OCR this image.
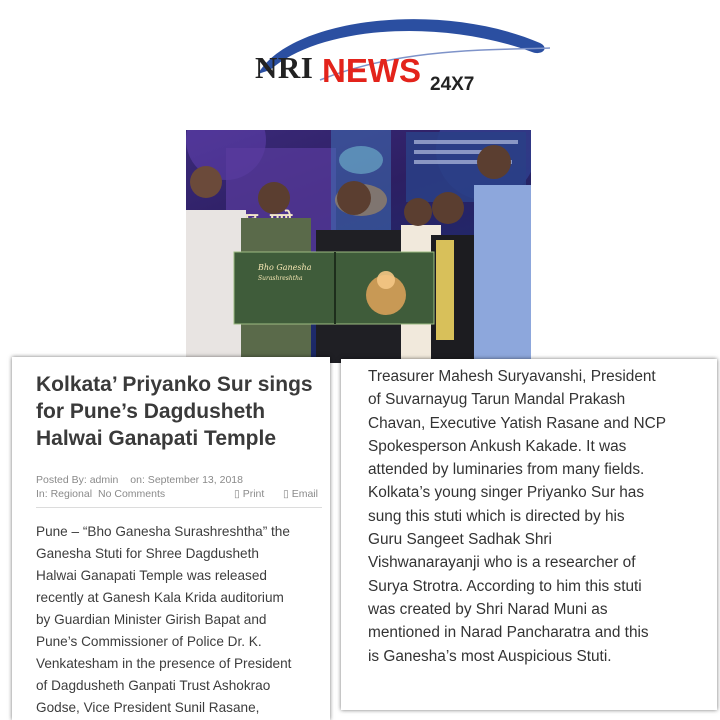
NRI NEWS 24X7
Bho Ganesha
Surashreshtha
Kolkata’ Priyanko Sur sings
for Pune’s Dagdusheth
Halwai Ganapati Temple
Posted By: admin on: September 13, 2018
In: Regional No Comments	▯ Print ▯ Email
Pune – “Bho Ganesha Surashreshtha” the
Ganesha Stuti for Shree Dagdusheth
Halwai Ganapati Temple was released
recently at Ganesh Kala Krida auditorium
by Guardian Minister Girish Bapat and
Pune’s Commissioner of Police Dr. K.
Venkatesham in the presence of President
of Dagdusheth Ganpati Trust Ashokrao
Godse, Vice President Sunil Rasane,
Treasurer Mahesh Suryavanshi, President
of Suvarnayug Tarun Mandal Prakash
Chavan, Executive Yatish Rasane and NCP
Spokesperson Ankush Kakade. It was
attended by luminaries from many fields.
Kolkata’s young singer Priyanko Sur has
sung this stuti which is directed by his
Guru Sangeet Sadhak Shri
Vishwanarayanji who is a researcher of
Surya Strotra. According to him this stuti
was created by Shri Narad Muni as
mentioned in Narad Pancharatra and this
is Ganesha’s most Auspicious Stuti.
